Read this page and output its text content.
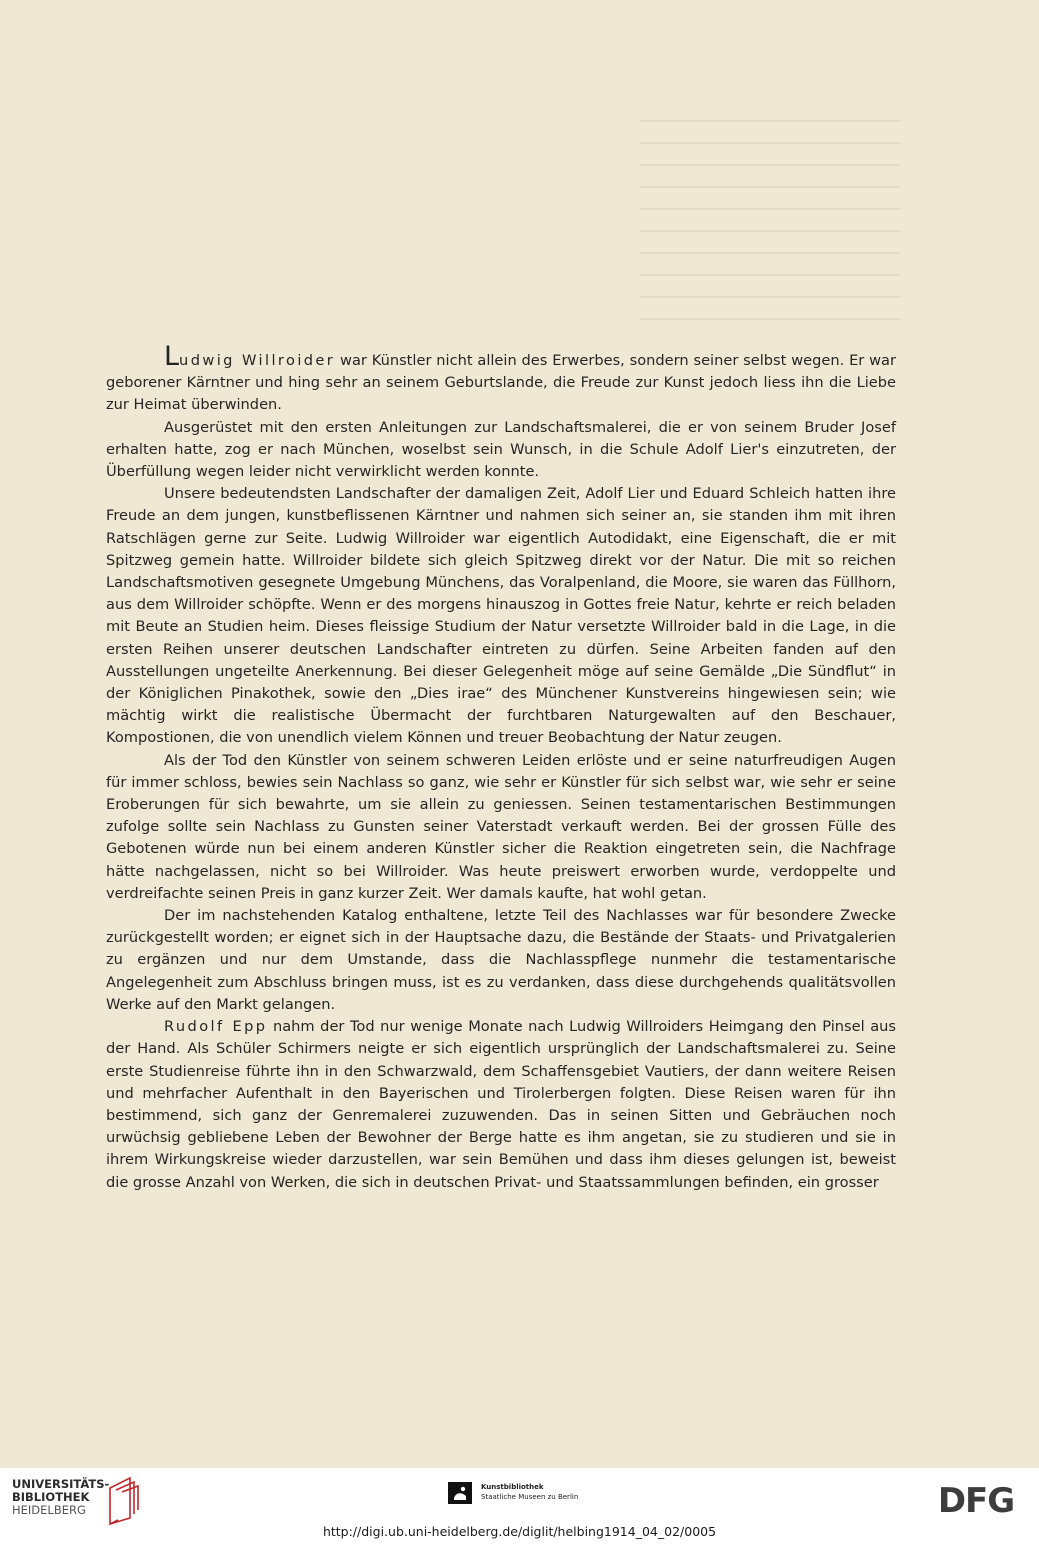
Ludwig Willroider war Künstler nicht allein des Erwerbes, sondern seiner selbst wegen. Er war geborener Kärntner und hing sehr an seinem Geburtslande, die Freude zur Kunst jedoch liess ihn die Liebe zur Heimat überwinden.

Ausgerüstet mit den ersten Anleitungen zur Landschaftsmalerei, die er von seinem Bruder Josef erhalten hatte, zog er nach München, woselbst sein Wunsch, in die Schule Adolf Lier's einzutreten, der Überfüllung wegen leider nicht verwirklicht werden konnte.

Unsere bedeutendsten Landschafter der damaligen Zeit, Adolf Lier und Eduard Schleich hatten ihre Freude an dem jungen, kunstbeflissenen Kärntner und nahmen sich seiner an, sie standen ihm mit ihren Ratschlägen gerne zur Seite. Ludwig Willroider war eigentlich Autodidakt, eine Eigenschaft, die er mit Spitzweg gemein hatte. Willroider bildete sich gleich Spitzweg direkt vor der Natur. Die mit so reichen Landschaftsmotiven gesegnete Umgebung Münchens, das Voralpenland, die Moore, sie waren das Füllhorn, aus dem Willroider schöpfte. Wenn er des morgens hinauszog in Gottes freie Natur, kehrte er reich beladen mit Beute an Studien heim. Dieses fleissige Studium der Natur versetzte Willroider bald in die Lage, in die ersten Reihen unserer deutschen Landschafter eintreten zu dürfen. Seine Arbeiten fanden auf den Ausstellungen ungeteilte Anerkennung. Bei dieser Gelegenheit möge auf seine Gemälde „Die Sündflut“ in der Königlichen Pinakothek, sowie den „Dies irae“ des Münchener Kunstvereins hingewiesen sein; wie mächtig wirkt die realistische Übermacht der furchtbaren Naturgewalten auf den Beschauer, Kompostionen, die von unendlich vielem Können und treuer Beobachtung der Natur zeugen.

Als der Tod den Künstler von seinem schweren Leiden erlöste und er seine naturfreudigen Augen für immer schloss, bewies sein Nachlass so ganz, wie sehr er Künstler für sich selbst war, wie sehr er seine Eroberungen für sich bewahrte, um sie allein zu geniessen. Seinen testamentarischen Bestimmungen zufolge sollte sein Nachlass zu Gunsten seiner Vaterstadt verkauft werden. Bei der grossen Fülle des Gebotenen würde nun bei einem anderen Künstler sicher die Reaktion eingetreten sein, die Nachfrage hätte nachgelassen, nicht so bei Willroider. Was heute preiswert erworben wurde, verdoppelte und verdreifachte seinen Preis in ganz kurzer Zeit. Wer damals kaufte, hat wohl getan.

Der im nachstehenden Katalog enthaltene, letzte Teil des Nachlasses war für besondere Zwecke zurückgestellt worden; er eignet sich in der Hauptsache dazu, die Bestände der Staats- und Privatgalerien zu ergänzen und nur dem Umstande, dass die Nachlasspflege nunmehr die testamentarische Angelegenheit zum Abschluss bringen muss, ist es zu verdanken, dass diese durchgehends qualitätsvollen Werke auf den Markt gelangen.

Rudolf Epp nahm der Tod nur wenige Monate nach Ludwig Willroiders Heimgang den Pinsel aus der Hand. Als Schüler Schirmers neigte er sich eigentlich ursprünglich der Landschaftsmalerei zu. Seine erste Studienreise führte ihn in den Schwarzwald, dem Schaffensgebiet Vautiers, der dann weitere Reisen und mehrfacher Aufenthalt in den Bayerischen und Tirolerbergen folgten. Diese Reisen waren für ihn bestimmend, sich ganz der Genremalerei zuzuwenden. Das in seinen Sitten und Gebräuchen noch urwüchsig gebliebene Leben der Bewohner der Berge hatte es ihm angetan, sie zu studieren und sie in ihrem Wirkungskreise wieder darzustellen, war sein Bemühen und dass ihm dieses gelungen ist, beweist die grosse Anzahl von Werken, die sich in deutschen Privat- und Staatssammlungen befinden, ein grosser

UNIVERSITÄTS-
BIBLIOTHEK
HEIDELBERG
Kunstbibliothek
Staatliche Museen zu Berlin
http://digi.ub.uni-heidelberg.de/diglit/helbing1914_04_02/0005
DFG
